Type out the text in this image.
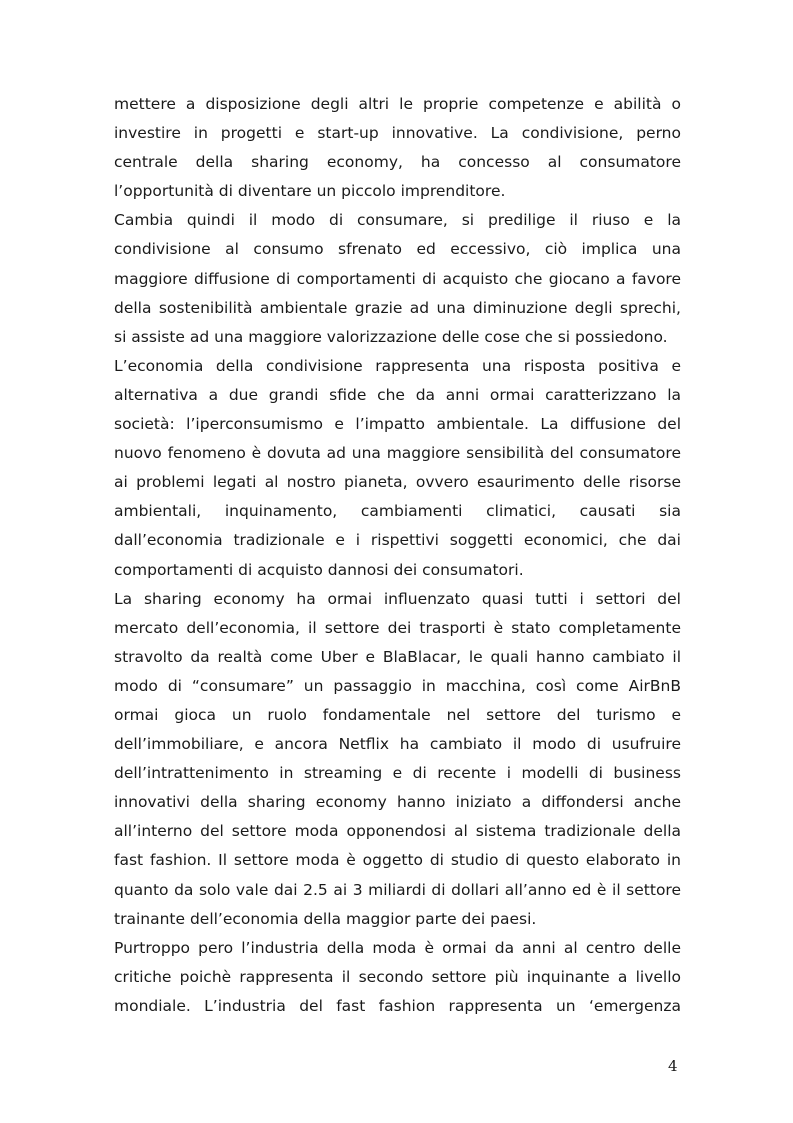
mettere a disposizione degli altri le proprie competenze e abilità o
investire in progetti e start-up innovative. La condivisione, perno
centrale della sharing economy, ha concesso al consumatore
l’opportunità di diventare un piccolo imprenditore.
Cambia quindi il modo di consumare, si predilige il riuso e la
condivisione al consumo sfrenato ed eccessivo, ciò implica una
maggiore diffusione di comportamenti di acquisto che giocano a favore
della sostenibilità ambientale grazie ad una diminuzione degli sprechi,
si assiste ad una maggiore valorizzazione delle cose che si possiedono.
L’economia della condivisione rappresenta una risposta positiva e
alternativa a due grandi sfide che da anni ormai caratterizzano la
società: l’iperconsumismo e l’impatto ambientale. La diffusione del
nuovo fenomeno è dovuta ad una maggiore sensibilità del consumatore
ai problemi legati al nostro pianeta, ovvero esaurimento delle risorse
ambientali, inquinamento, cambiamenti climatici, causati sia
dall’economia tradizionale e i rispettivi soggetti economici, che dai
comportamenti di acquisto dannosi dei consumatori.
La sharing economy ha ormai influenzato quasi tutti i settori del
mercato dell’economia, il settore dei trasporti è stato completamente
stravolto da realtà come Uber e BlaBlacar, le quali hanno cambiato il
modo di “consumare” un passaggio in macchina, così come AirBnB
ormai gioca un ruolo fondamentale nel settore del turismo e
dell’immobiliare, e ancora Netflix ha cambiato il modo di usufruire
dell’intrattenimento in streaming e di recente i modelli di business
innovativi della sharing economy hanno iniziato a diffondersi anche
all’interno del settore moda opponendosi al sistema tradizionale della
fast fashion. Il settore moda è oggetto di studio di questo elaborato in
quanto da solo vale dai 2.5 ai 3 miliardi di dollari all’anno ed è il settore
trainante dell’economia della maggior parte dei paesi.
Purtroppo pero l’industria della moda è ormai da anni al centro delle
critiche poichè rappresenta il secondo settore più inquinante a livello
mondiale. L’industria del fast fashion rappresenta un ‘emergenza
4
